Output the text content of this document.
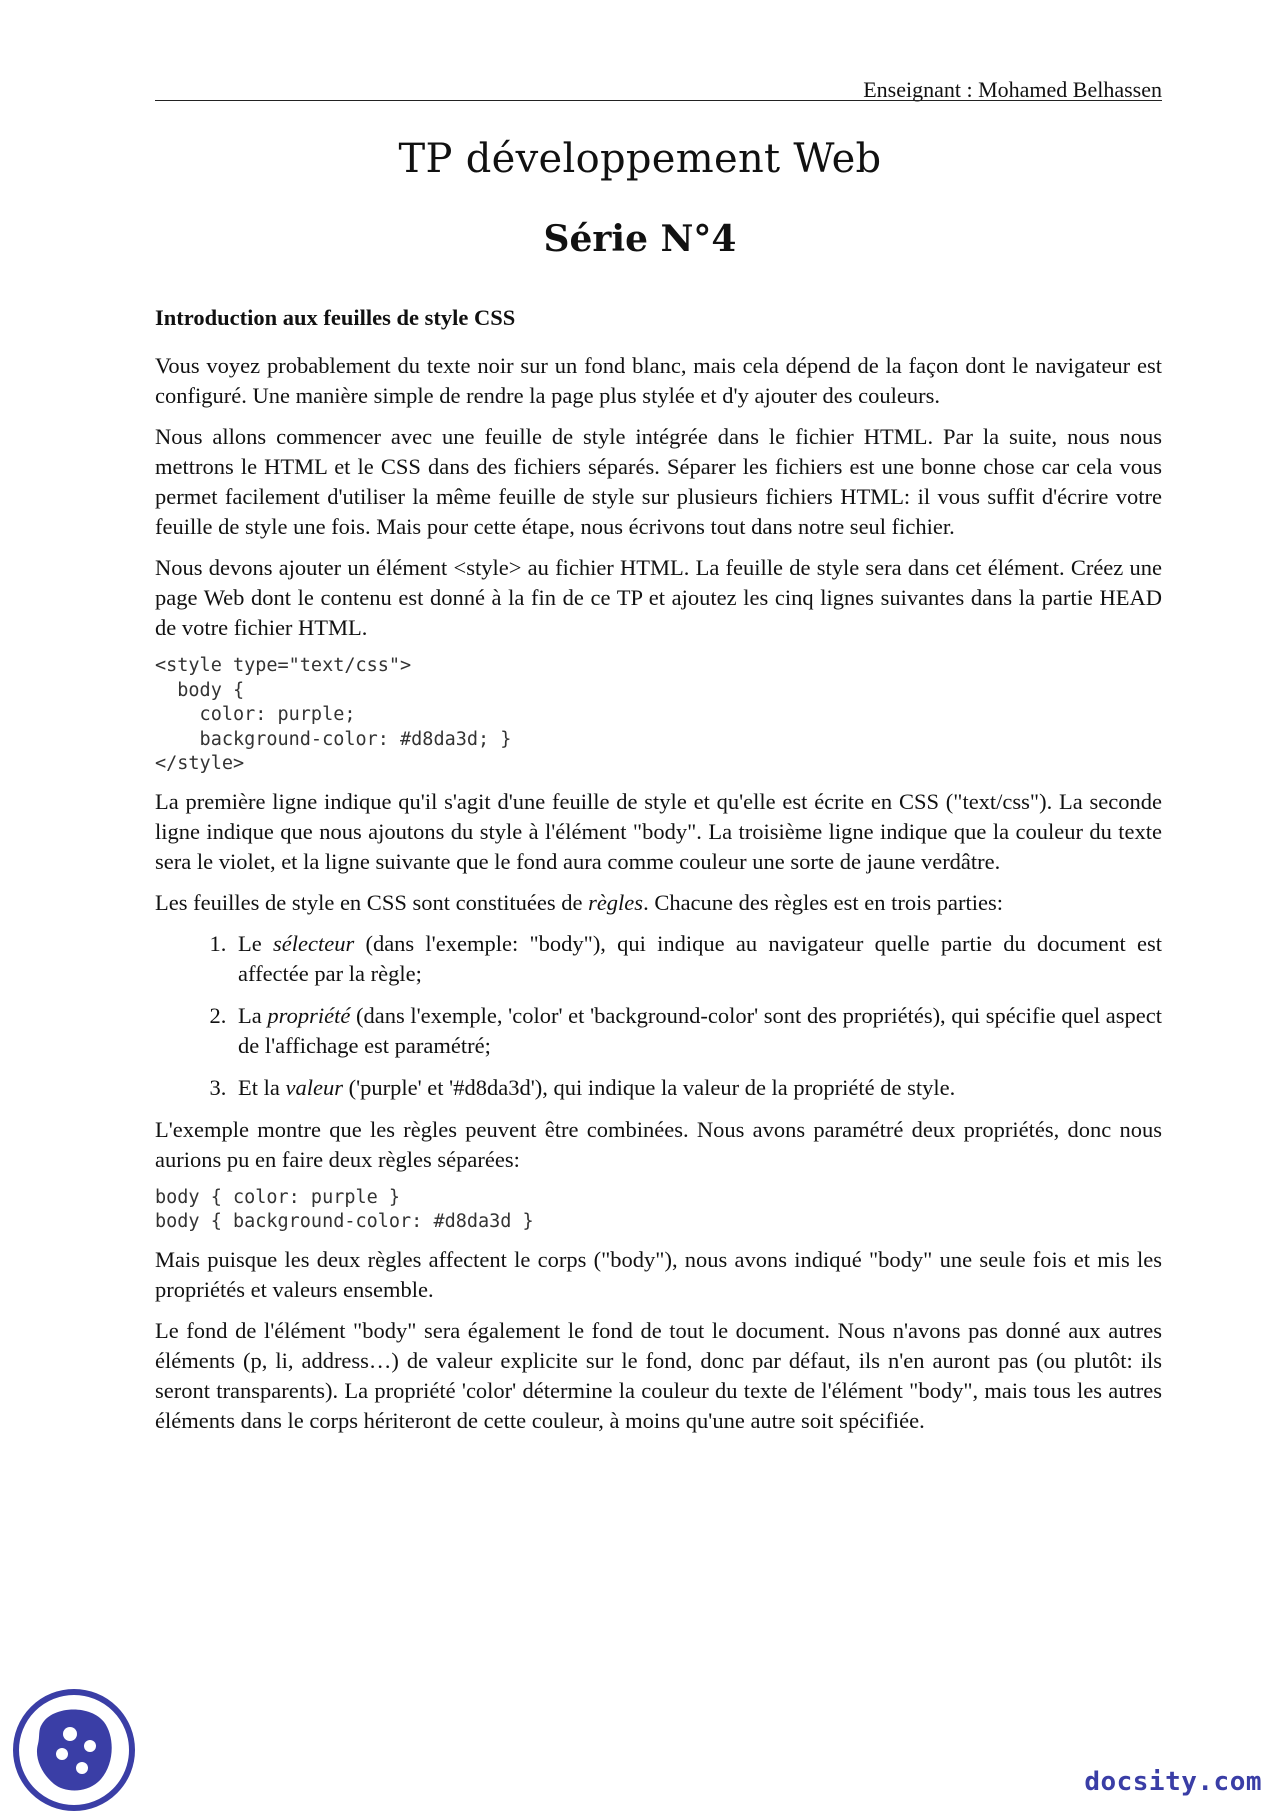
Enseignant : Mohamed Belhassen
TP développement Web
Série N°4
Introduction aux feuilles de style CSS

Vous voyez probablement du texte noir sur un fond blanc, mais cela dépend de la façon dont le navigateur est configuré. Une manière simple de rendre la page plus stylée et d'y ajouter des couleurs.

Nous allons commencer avec une feuille de style intégrée dans le fichier HTML. Par la suite, nous nous mettrons le HTML et le CSS dans des fichiers séparés. Séparer les fichiers est une bonne chose car cela vous permet facilement d'utiliser la même feuille de style sur plusieurs fichiers HTML: il vous suffit d'écrire votre feuille de style une fois. Mais pour cette étape, nous écrivons tout dans notre seul fichier.

Nous devons ajouter un élément <style> au fichier HTML. La feuille de style sera dans cet élément. Créez une page Web dont le contenu est donné à la fin de ce TP et ajoutez les cinq lignes suivantes dans la partie HEAD de votre fichier HTML.

<style type="text/css">
body {
color: purple;
background-color: #d8da3d; }
</style>

La première ligne indique qu'il s'agit d'une feuille de style et qu'elle est écrite en CSS ("text/css"). La seconde ligne indique que nous ajoutons du style à l'élément "body". La troisième ligne indique que la couleur du texte sera le violet, et la ligne suivante que le fond aura comme couleur une sorte de jaune verdâtre.

Les feuilles de style en CSS sont constituées de règles. Chacune des règles est en trois parties:

1. Le sélecteur (dans l'exemple: "body"), qui indique au navigateur quelle partie du document est affectée par la règle;
2. La propriété (dans l'exemple, 'color' et 'background-color' sont des propriétés), qui spécifie quel aspect de l'affichage est paramétré;
3. Et la valeur ('purple' et '#d8da3d'), qui indique la valeur de la propriété de style.

L'exemple montre que les règles peuvent être combinées. Nous avons paramétré deux propriétés, donc nous aurions pu en faire deux règles séparées:

body { color: purple }
body { background-color: #d8da3d }

Mais puisque les deux règles affectent le corps ("body"), nous avons indiqué "body" une seule fois et mis les propriétés et valeurs ensemble.

Le fond de l'élément "body" sera également le fond de tout le document. Nous n'avons pas donné aux autres éléments (p, li, address…) de valeur explicite sur le fond, donc par défaut, ils n'en auront pas (ou plutôt: ils seront transparents). La propriété 'color' détermine la couleur du texte de l'élément "body", mais tous les autres éléments dans le corps hériteront de cette couleur, à moins qu'une autre soit spécifiée.

docsity.com
